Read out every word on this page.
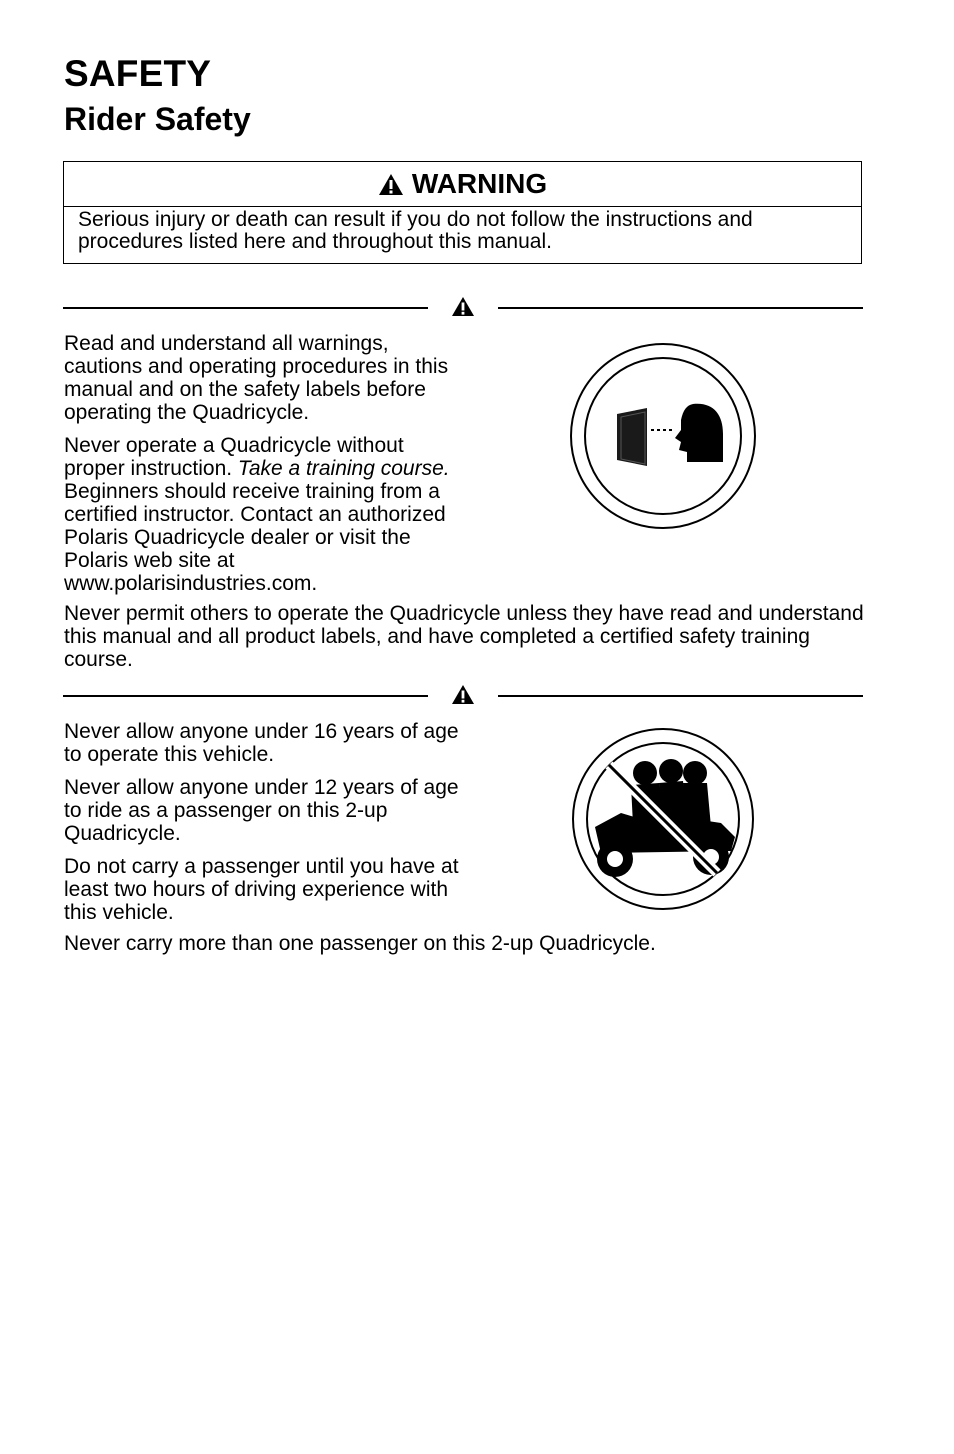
SAFETY
Rider Safety
WARNING
Serious injury or death can result if you do not follow the instructions and procedures listed here and throughout this manual.

Read and understand all warnings, cautions and operating procedures in this manual and on the safety labels before operating the Quadricycle.

Never operate a Quadricycle without proper instruction. Take a training course. Beginners should receive training from a certified instructor. Contact an authorized Polaris Quadricycle dealer or visit the Polaris web site at www.polarisindustries.com.

Never permit others to operate the Quadricycle unless they have read and understand this manual and all product labels, and have completed a certified safety training course.

Never allow anyone under 16 years of age to operate this vehicle.

Never allow anyone under 12 years of age to ride as a passenger on this 2-up Quadricycle.

Do not carry a passenger until you have at least two hours of driving experience with this vehicle.

Never carry more than one passenger on this 2-up Quadricycle.
